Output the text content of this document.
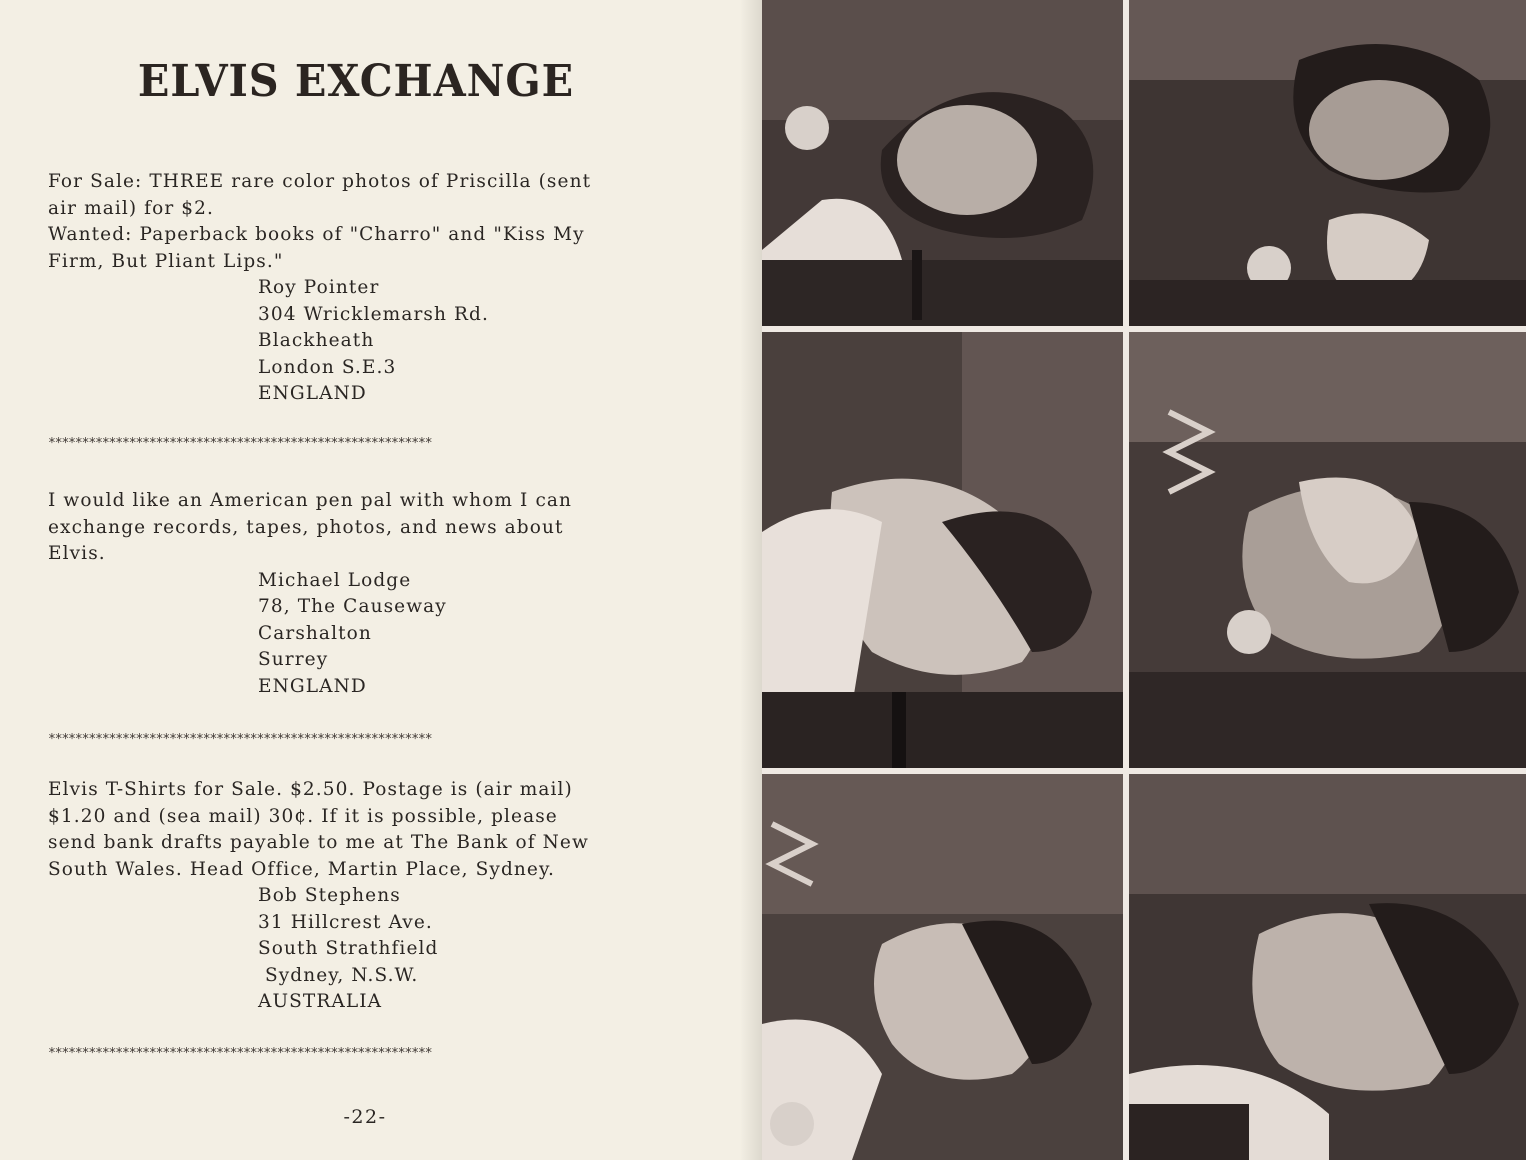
ELVIS EXCHANGE

For Sale: THREE rare color photos of Priscilla (sent

air mail) for $2.

Wanted: Paperback books of "Charro" and "Kiss My

Firm, But Pliant Lips."

Roy Pointer
304 Wricklemarsh Rd.
Blackheath
London S.E.3
ENGLAND
*********************************************************

I would like an American pen pal with whom I can

exchange records, tapes, photos, and news about

Elvis.

Michael Lodge
78, The Causeway
Carshalton
Surrey
ENGLAND
*********************************************************

Elvis T-Shirts for Sale. $2.50. Postage is (air mail)

$1.20 and (sea mail) 30¢. If it is possible, please

send bank drafts payable to me at The Bank of New

South Wales. Head Office, Martin Place, Sydney.

Bob Stephens
31 Hillcrest Ave.
South Strathfield
Sydney, N.S.W.
AUSTRALIA
*********************************************************
-22-
